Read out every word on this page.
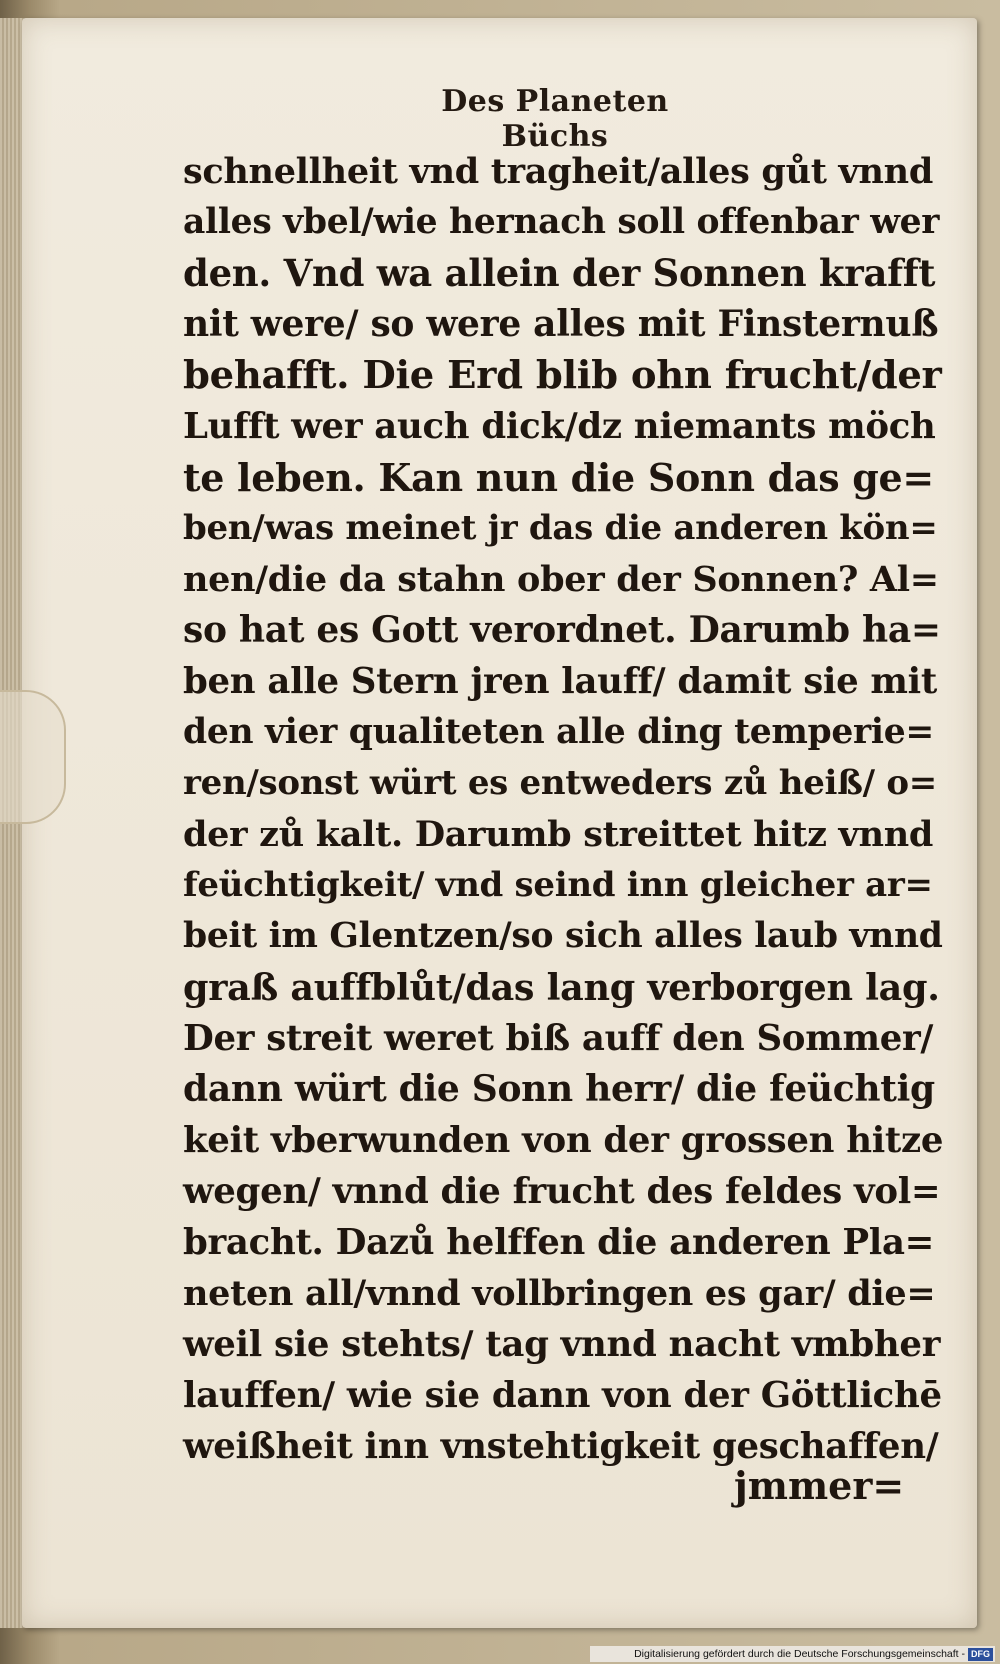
Des Planeten Büchs
schnellheit vnd tragheit/alles gůt vnnd
alles vbel/wie hernach soll offenbar wer
den. Vnd wa allein der Sonnen krafft
nit were/ so were alles mit Finsternuß
behafft. Die Erd blib ohn frucht/der
Lufft wer auch dick/dz niemants möch
te leben. Kan nun die Sonn das ge=
ben/was meinet jr das die anderen kön=
nen/die da stahn ober der Sonnen? Al=
so hat es Gott verordnet. Darumb ha=
ben alle Stern jren lauff/ damit sie mit
den vier qualiteten alle ding temperie=
ren/sonst würt es entweders zů heiß/ o=
der zů kalt. Darumb streittet hitz vnnd
feüchtigkeit/ vnd seind inn gleicher ar=
beit im Glentzen/so sich alles laub vnnd
graß auffblůt/das lang verborgen lag.
Der streit weret biß auff den Sommer/
dann würt die Sonn herr/ die feüchtig
keit vberwunden von der grossen hitze
wegen/ vnnd die frucht des feldes vol=
bracht. Dazů helffen die anderen Pla=
neten all/vnnd vollbringen es gar/ die=
weil sie stehts/ tag vnnd nacht vmbher
lauffen/ wie sie dann von der Göttlichē
weißheit inn vnstehtigkeit geschaffen/
jmmer=
Digitalisierung gefördert durch die Deutsche Forschungsgemeinschaft - DFG
